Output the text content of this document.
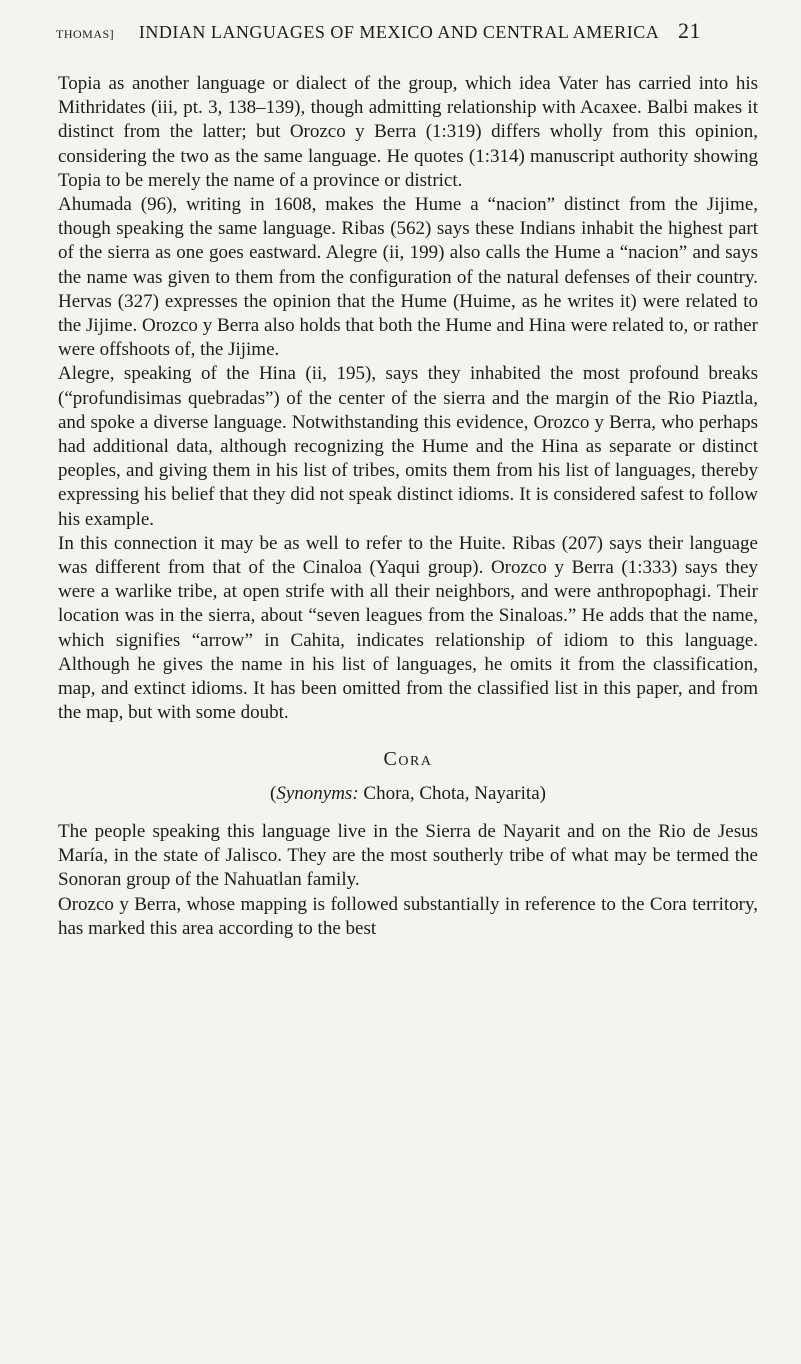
THOMAS]	INDIAN LANGUAGES OF MEXICO AND CENTRAL AMERICA 21

Topia as another language or dialect of the group, which idea Vater has carried into his Mithridates (iii, pt. 3, 138–139), though admitting relationship with Acaxee. Balbi makes it distinct from the latter; but Orozco y Berra (1:319) differs wholly from this opinion, considering the two as the same language. He quotes (1:314) manuscript authority showing Topia to be merely the name of a province or district.

Ahumada (96), writing in 1608, makes the Hume a “nacion” distinct from the Jijime, though speaking the same language. Ribas (562) says these Indians inhabit the highest part of the sierra as one goes eastward. Alegre (ii, 199) also calls the Hume a “nacion” and says the name was given to them from the configuration of the natural defenses of their country. Hervas (327) expresses the opinion that the Hume (Huime, as he writes it) were related to the Jijime. Orozco y Berra also holds that both the Hume and Hina were related to, or rather were offshoots of, the Jijime.

Alegre, speaking of the Hina (ii, 195), says they inhabited the most profound breaks (“profundisimas quebradas”) of the center of the sierra and the margin of the Rio Piaztla, and spoke a diverse language. Notwithstanding this evidence, Orozco y Berra, who perhaps had additional data, although recognizing the Hume and the Hina as separate or distinct peoples, and giving them in his list of tribes, omits them from his list of languages, thereby expressing his belief that they did not speak distinct idioms. It is considered safest to follow his example.

In this connection it may be as well to refer to the Huite. Ribas (207) says their language was different from that of the Cinaloa (Yaqui group). Orozco y Berra (1:333) says they were a warlike tribe, at open strife with all their neighbors, and were anthropophagi. Their location was in the sierra, about “seven leagues from the Sinaloas.” He adds that the name, which signifies “arrow” in Cahita, indicates relationship of idiom to this language. Although he gives the name in his list of languages, he omits it from the classification, map, and extinct idioms. It has been omitted from the classified list in this paper, and from the map, but with some doubt.

Cora
(Synonyms: Chora, Chota, Nayarita)

The people speaking this language live in the Sierra de Nayarit and on the Rio de Jesus María, in the state of Jalisco. They are the most southerly tribe of what may be termed the Sonoran group of the Nahuatlan family.

Orozco y Berra, whose mapping is followed substantially in reference to the Cora territory, has marked this area according to the best
